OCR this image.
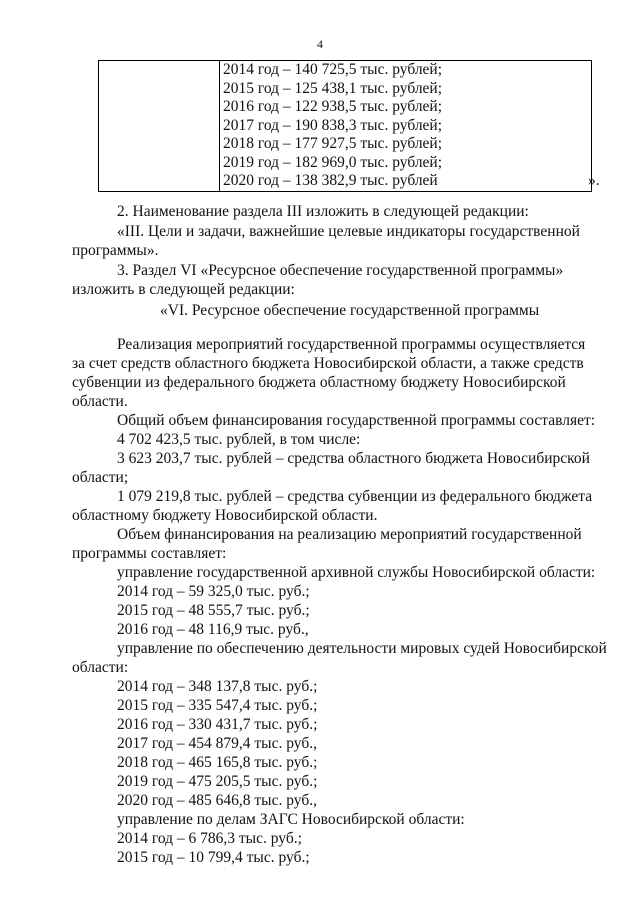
4

2014 год – 140 725,5 тыс. рублей;
2015 год – 125 438,1 тыс. рублей;
2016 год – 122 938,5 тыс. рублей;
2017 год – 190 838,3 тыс. рублей;
2018 год – 177 927,5 тыс. рублей;
2019 год – 182 969,0 тыс. рублей;
2020 год – 138 382,9 тыс. рублей	».
2. Наименование раздела III изложить в следующей редакции:
«III. Цели и задачи, важнейшие целевые индикаторы государственной
программы».
3. Раздел VI «Ресурсное обеспечение государственной программы»
изложить в следующей редакции:
«VI. Ресурсное обеспечение государственной программы
Реализация мероприятий государственной программы осуществляется
за счет средств областного бюджета Новосибирской области, а также средств
субвенции из федерального бюджета областному бюджету Новосибирской
области.
Общий объем финансирования государственной программы составляет:
4 702 423,5 тыс. рублей, в том числе:
3 623 203,7 тыс. рублей – средства областного бюджета Новосибирской
области;
1 079 219,8 тыс. рублей – средства субвенции из федерального бюджета
областному бюджету Новосибирской области.
Объем финансирования на реализацию мероприятий государственной
программы составляет:
управление государственной архивной службы Новосибирской области:
2014 год – 59 325,0 тыс. руб.;
2015 год – 48 555,7 тыс. руб.;
2016 год – 48 116,9 тыс. руб.,
управление по обеспечению деятельности мировых судей Новосибирской
области:
2014 год – 348 137,8 тыс. руб.;
2015 год – 335 547,4 тыс. руб.;
2016 год – 330 431,7 тыс. руб.;
2017 год – 454 879,4 тыс. руб.,
2018 год – 465 165,8 тыс. руб.;
2019 год – 475 205,5 тыс. руб.;
2020 год – 485 646,8 тыс. руб.,
управление по делам ЗАГС Новосибирской области:
2014 год – 6 786,3 тыс. руб.;
2015 год – 10 799,4 тыс. руб.;
